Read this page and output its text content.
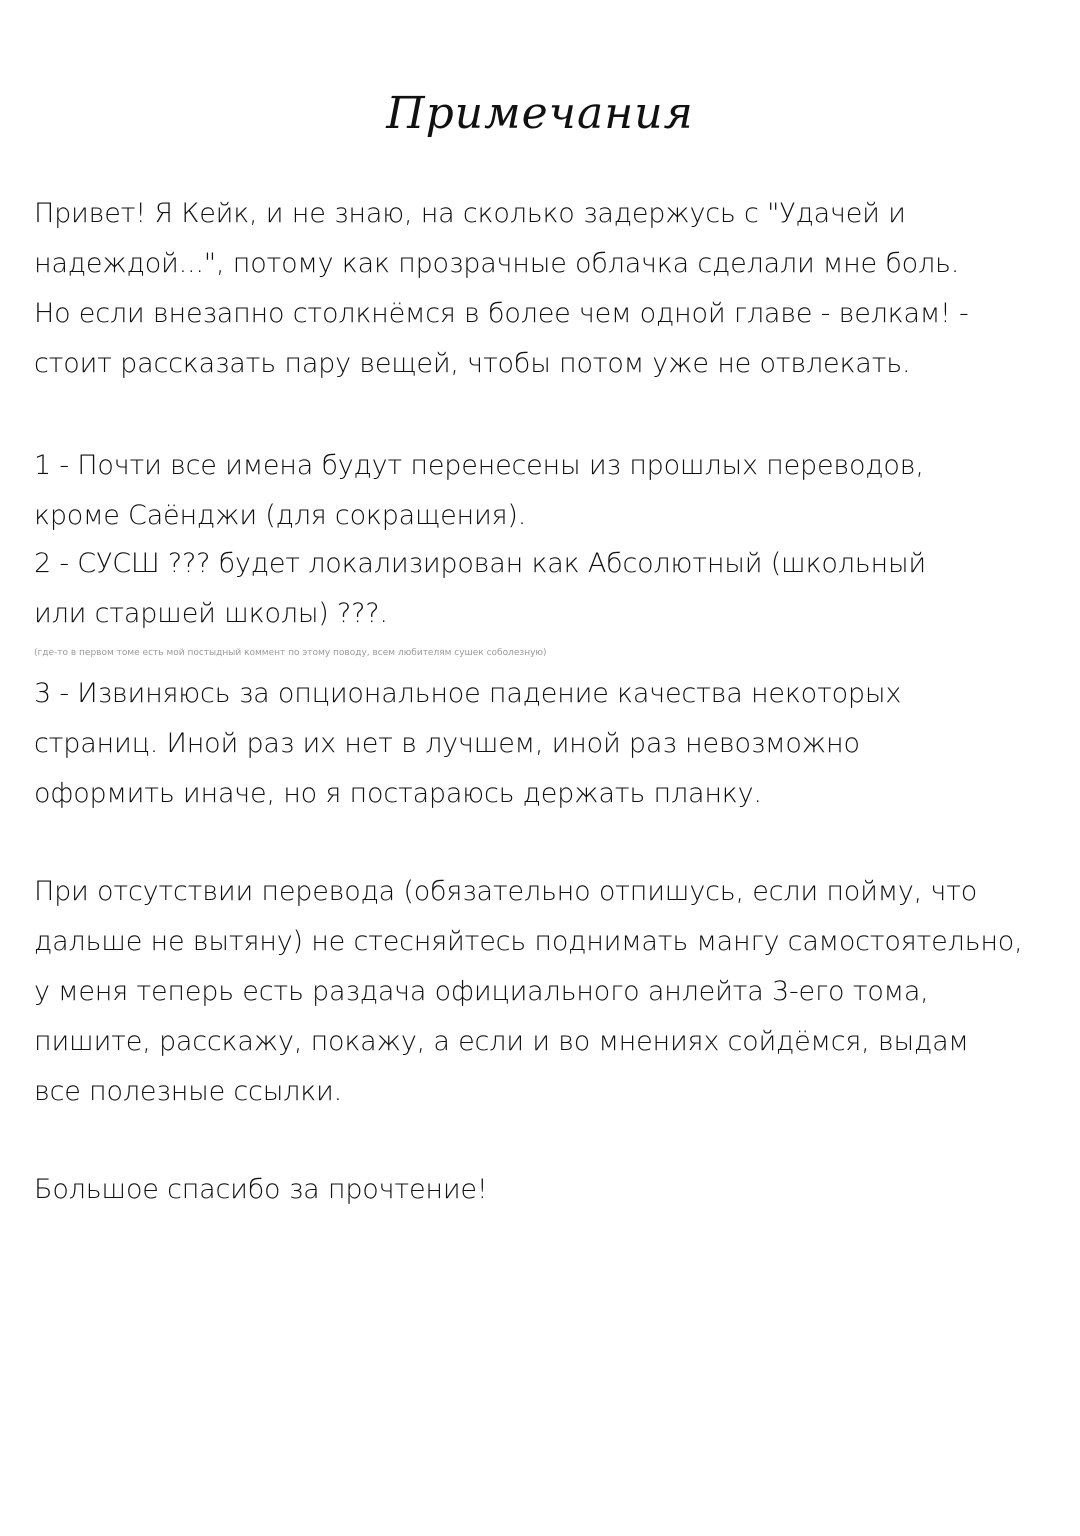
Примечания
Привет! Я Кейк, и не знаю, на сколько задержусь с "Удачей и
надеждой...", потому как прозрачные облачка сделали мне боль.
Но если внезапно столкнёмся в более чем одной главе - велкам! -
стоит рассказать пару вещей, чтобы потом уже не отвлекать.
1 - Почти все имена будут перенесены из прошлых переводов,
кроме Саёнджи (для сокращения).
2 - СУСШ ??? будет локализирован как Абсолютный (школьный
или старшей школы) ???.
(где-то в первом томе есть мой постыдный коммент по этому поводу, всем любителям сушек соболезную)
3 - Извиняюсь за опциональное падение качества некоторых
страниц. Иной раз их нет в лучшем, иной раз невозможно
оформить иначе, но я постараюсь держать планку.
При отсутствии перевода (обязательно отпишусь, если пойму, что
дальше не вытяну) не стесняйтесь поднимать мангу самостоятельно,
у меня теперь есть раздача официального анлейта 3-его тома,
пишите, расскажу, покажу, а если и во мнениях сойдёмся, выдам
все полезные ссылки.
Большое спасибо за прочтение!
